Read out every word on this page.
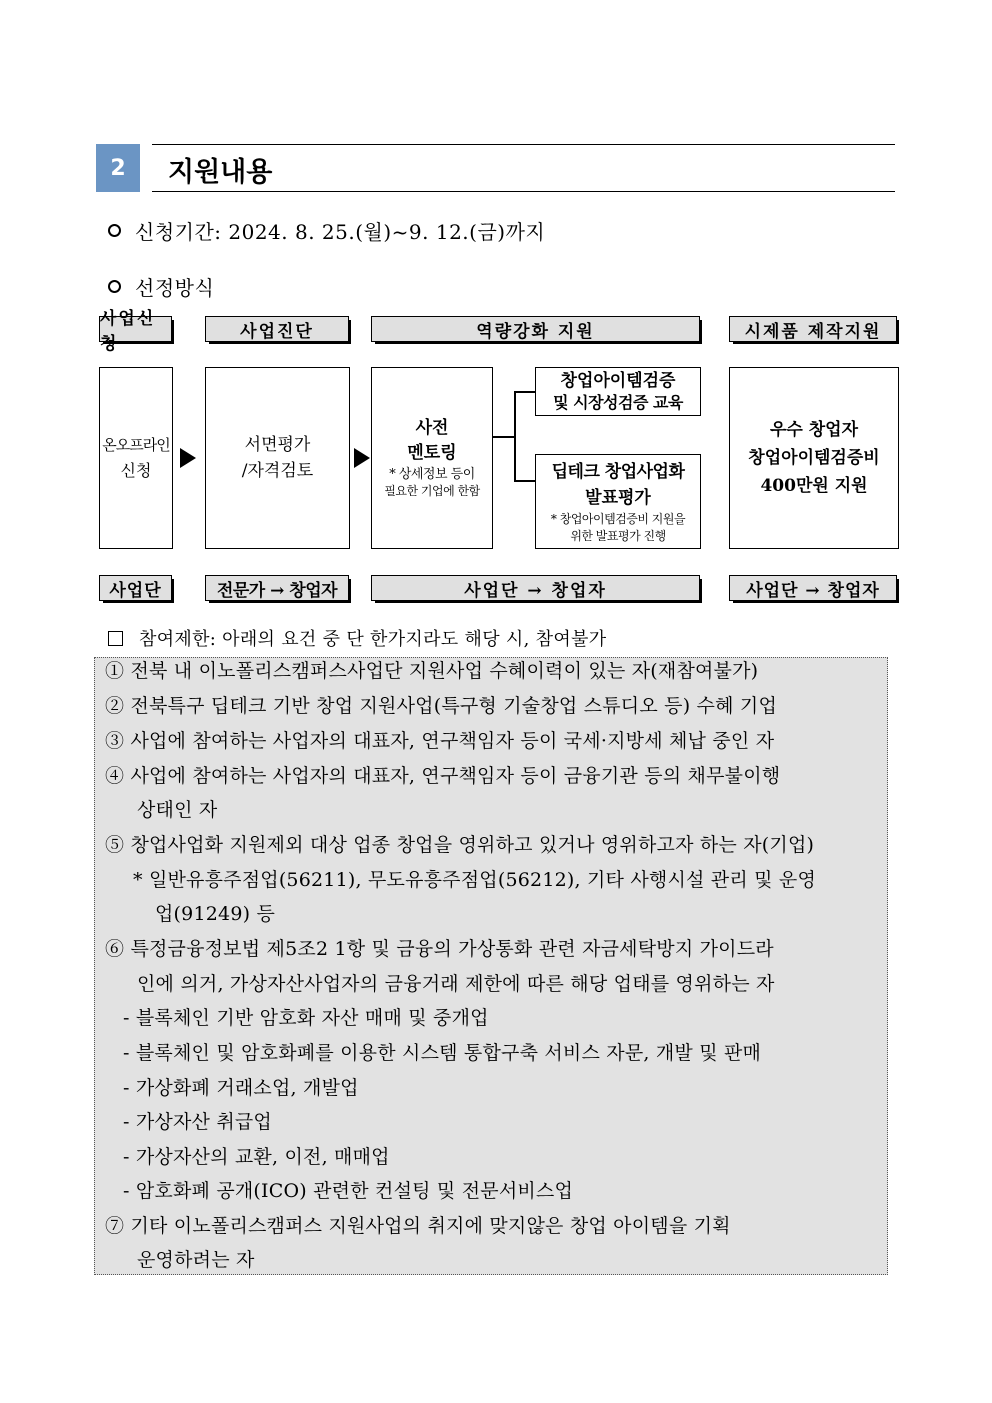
2 지원내용
신청기간: 2024. 8. 25.(월)~9. 12.(금)까지
선정방식
사업신청
사업진단	역량강화 지원	시제품 제작지원
온오프라인
신청
서면평가
/자격검토
사전
멘토링
* 상세정보 등이
필요한 기업에 한함
창업아이템검증
및 시장성검증 교육
딥테크 창업사업화
발표평가
* 창업아이템검증비 지원을
위한 발표평가 진행
우수 창업자
창업아이템검증비
400만원 지원
사업단	전문가 → 창업자	사업단 → 창업자	사업단 → 창업자
참여제한: 아래의 요건 중 단 한가지라도 해당 시, 참여불가
① 전북 내 이노폴리스캠퍼스사업단 지원사업 수혜이력이 있는 자(재참여불가)
② 전북특구 딥테크 기반 창업 지원사업(특구형 기술창업 스튜디오 등) 수혜 기업
③ 사업에 참여하는 사업자의 대표자, 연구책임자 등이 국세·지방세 체납 중인 자
④ 사업에 참여하는 사업자의 대표자, 연구책임자 등이 금융기관 등의 채무불이행
상태인 자
⑤ 창업사업화 지원제외 대상 업종 창업을 영위하고 있거나 영위하고자 하는 자(기업)
* 일반유흥주점업(56211), 무도유흥주점업(56212), 기타 사행시설 관리 및 운영
업(91249) 등
⑥ 특정금융정보법 제5조2 1항 및 금융의 가상통화 관련 자금세탁방지 가이드라
인에 의거, 가상자산사업자의 금융거래 제한에 따른 해당 업태를 영위하는 자
- 블록체인 기반 암호화 자산 매매 및 중개업
- 블록체인 및 암호화폐를 이용한 시스템 통합구축 서비스 자문, 개발 및 판매
- 가상화폐 거래소업, 개발업
- 가상자산 취급업
- 가상자산의 교환, 이전, 매매업
- 암호화폐 공개(ICO) 관련한 컨설팅 및 전문서비스업
⑦ 기타 이노폴리스캠퍼스 지원사업의 취지에 맞지않은 창업 아이템을 기획
운영하려는 자
